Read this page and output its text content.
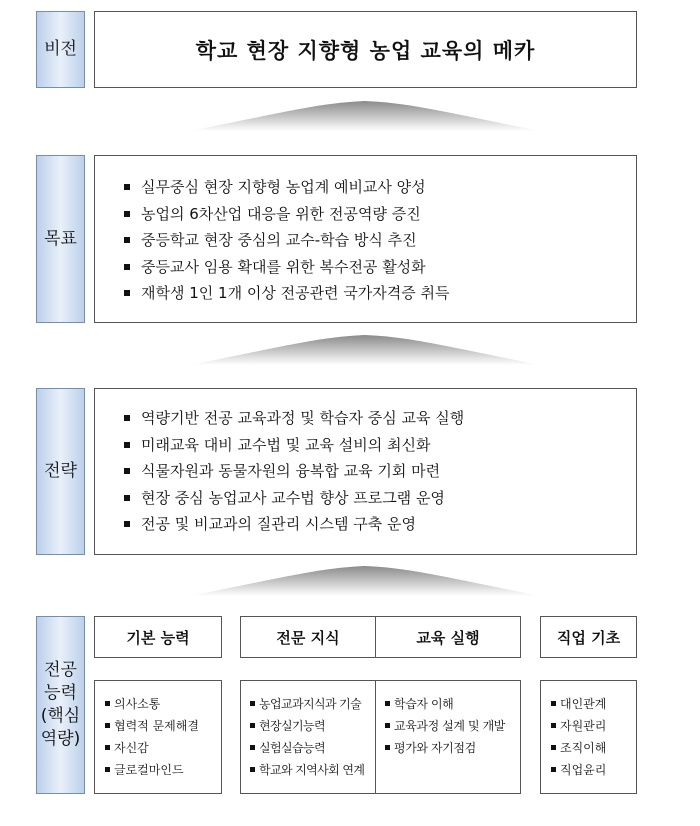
비전	학교 현장 지향형 농업 교육의 메카
목표
실무중심 현장 지향형 농업계 예비교사 양성
농업의 6차산업 대응을 위한 전공역량 증진
중등학교 현장 중심의 교수-학습 방식 추진
중등교사 임용 확대를 위한 복수전공 활성화
재학생 1인 1개 이상 전공관련 국가자격증 취득
전략
역량기반 전공 교육과정 및 학습자 중심 교육 실행
미래교육 대비 교수법 및 교육 설비의 최신화
식물자원과 동물자원의 융복합 교육 기회 마련
현장 중심 농업교사 교수법 향상 프로그램 운영
전공 및 비교과의 질관리 시스템 구축 운영
전공능력(핵심역량)
기본 능력	전문 지식	교육 실행	직업 기초
의사소통
협력적 문제해결
자신감
글로컬마인드
농업교과지식과 기술
현장실기능력
실험실습능력
학교와 지역사회 연계
학습자 이해
교육과정 설계 및 개발
평가와 자기점검
대인관계
자원관리
조직이해
직업윤리
